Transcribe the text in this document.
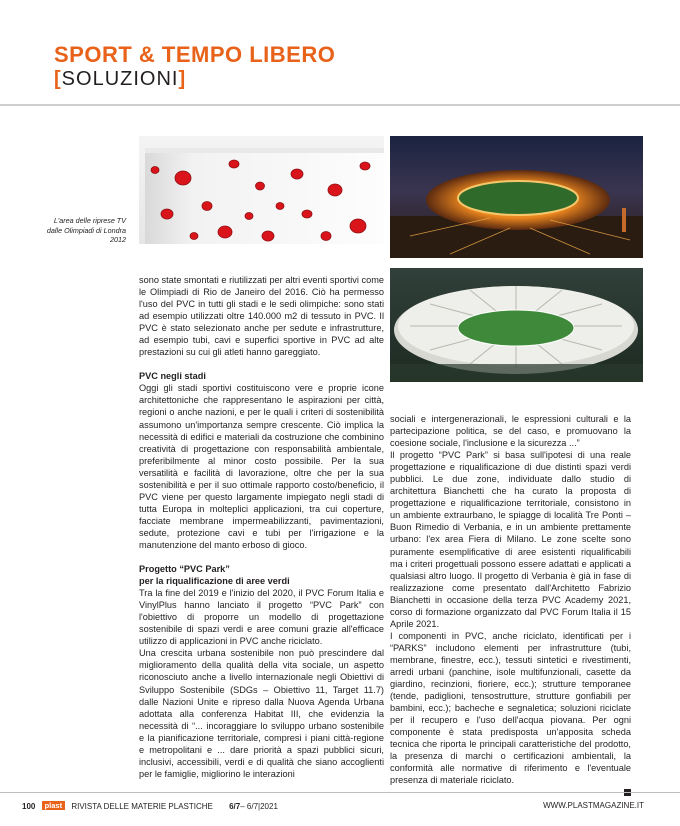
SPORT & TEMPO LIBERO
[SOLUZIONI]
L'area delle riprese TV dalle Olimpiadi di Londra 2012

sono state smontati e riutilizzati per altri eventi sportivi come le Olimpiadi di Rio de Janeiro del 2016. Ciò ha permesso l'uso del PVC in tutti gli stadi e le sedi olimpiche: sono stati ad esempio utilizzati oltre 140.000 m2 di tessuto in PVC. Il PVC è stato selezionato anche per sedute e infrastrutture, ad esempio tubi, cavi e superfici sportive in PVC ad alte prestazioni su cui gli atleti hanno gareggiato.

PVC negli stadi

Oggi gli stadi sportivi costituiscono vere e proprie icone architettoniche che rappresentano le aspirazioni per città, regioni o anche nazioni, e per le quali i criteri di sostenibilità assumono un'importanza sempre crescente. Ciò implica la necessità di edifici e materiali da costruzione che combinino creatività di progettazione con responsabilità ambientale, preferibilmente al minor costo possibile. Per la sua versatilità e facilità di lavorazione, oltre che per la sua sostenibilità e per il suo ottimale rapporto costo/beneficio, il PVC viene per questo largamente impiegato negli stadi di tutta Europa in molteplici applicazioni, tra cui coperture, facciate membrane impermeabilizzanti, pavimentazioni, sedute, protezione cavi e tubi per l'irrigazione e la manutenzione del manto erboso di gioco.

Progetto “PVC Park”

per la riqualificazione di aree verdi

Tra la fine del 2019 e l'inizio del 2020, il PVC Forum Italia e VinylPlus hanno lanciato il progetto “PVC Park” con l'obiettivo di proporre un modello di progettazione sostenibile di spazi verdi e aree comuni grazie all'efficace utilizzo di applicazioni in PVC anche riciclato.

Una crescita urbana sostenibile non può prescindere dal miglioramento della qualità della vita sociale, un aspetto riconosciuto anche a livello internazionale negli Obiettivi di Sviluppo Sostenibile (SDGs – Obiettivo 11, Target 11.7) dalle Nazioni Unite e ripreso dalla Nuova Agenda Urbana adottata alla conferenza Habitat III, che evidenzia la necessità di “... incoraggiare lo sviluppo urbano sostenibile e la pianificazione territoriale, compresi i piani città-regione e metropolitani e ... dare priorità a spazi pubblici sicuri, inclusivi, accessibili, verdi e di qualità che siano accoglienti per le famiglie, migliorino le interazioni

sociali e intergenerazionali, le espressioni culturali e la partecipazione politica, se del caso, e promuovano la coesione sociale, l'inclusione e la sicurezza ...”

Il progetto “PVC Park” si basa sull'ipotesi di una reale progettazione e riqualificazione di due distinti spazi verdi pubblici. Le due zone, individuate dallo studio di architettura Bianchetti che ha curato la proposta di progettazione e riqualificazione territoriale, consistono in un ambiente extraurbano, le spiagge di località Tre Ponti – Buon Rimedio di Verbania, e in un ambiente prettamente urbano: l'ex area Fiera di Milano. Le zone scelte sono puramente esemplificative di aree esistenti riqualificabili ma i criteri progettuali possono essere adattati e applicati a qualsiasi altro luogo. Il progetto di Verbania è già in fase di realizzazione come presentato dall'Architetto Fabrizio Bianchetti in occasione della terza PVC Academy 2021, corso di formazione organizzato dal PVC Forum Italia il 15 Aprile 2021.

I componenti in PVC, anche riciclato, identificati per i “PARKS” includono elementi per infrastrutture (tubi, membrane, finestre, ecc.), tessuti sintetici e rivestimenti, arredi urbani (panchine, isole multifunzionali, casette da giardino, recinzioni, fioriere, ecc.); strutture temporanee (tende, padiglioni, tensostrutture, strutture gonfiabili per bambini, ecc.); bacheche e segnaletica; soluzioni riciclate per il recupero e l'uso dell'acqua piovana. Per ogni componente è stata predisposta un'apposita scheda tecnica che riporta le principali caratteristiche del prodotto, la presenza di marchi o certificazioni ambientali, la conformità alle normative di riferimento e l'eventuale presenza di materiale riciclato.

100 plast RIVISTA DELLE MATERIE PLASTICHE 6/7– 6/7|2021	WWW.PLASTMAGAZINE.IT
